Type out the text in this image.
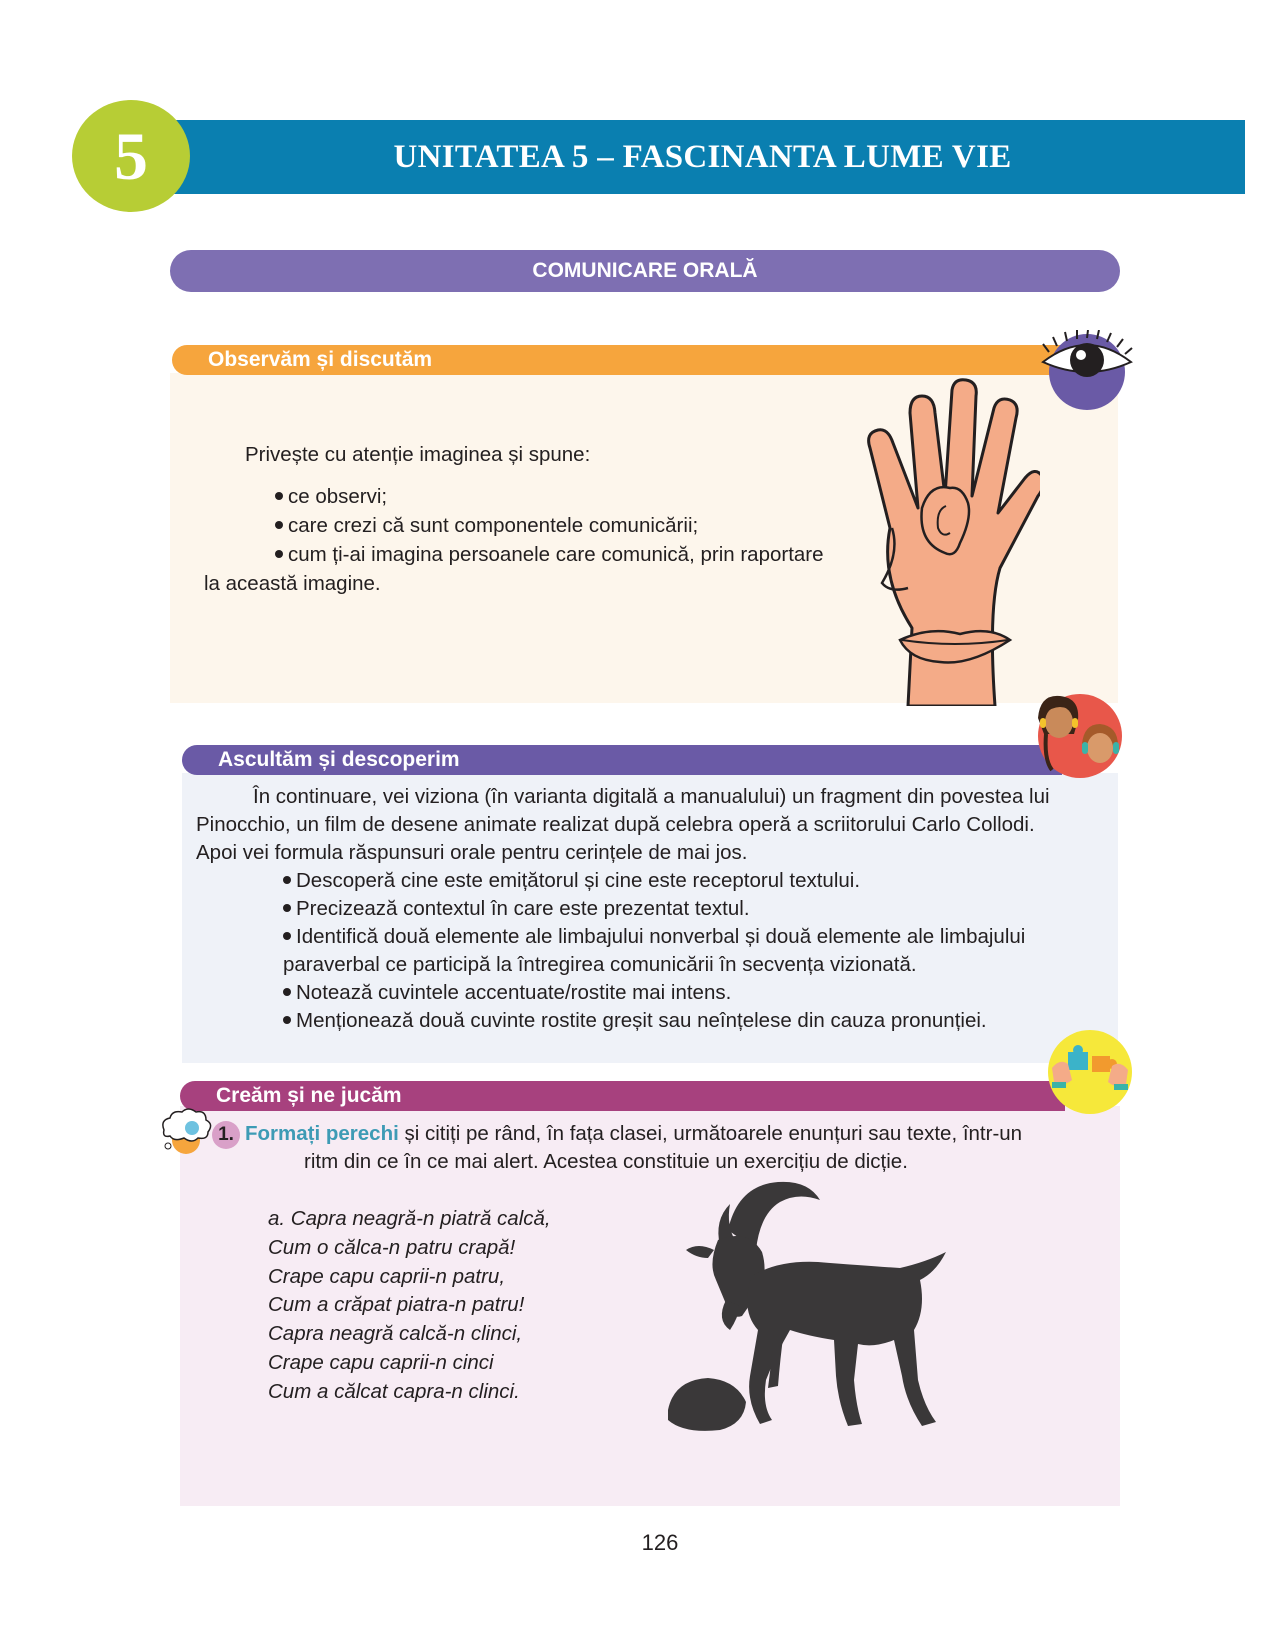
5	UNITATEA 5 – FASCINANTA LUME VIE
COMUNICARE ORALĂ
Observăm și discutăm
Privește cu atenție imaginea și spune:
ce observi;
care crezi că sunt componentele comunicării;
cum ți-ai imagina persoanele care comunică, prin raportare
la această imagine.
Ascultăm și descoperim
În continuare, vei viziona (în varianta digitală a manualului) un fragment din povestea lui
Pinocchio, un film de desene animate realizat după celebra operă a scriitorului Carlo Collodi.
Apoi vei formula răspunsuri orale pentru cerințele de mai jos.
Descoperă cine este emițătorul și cine este receptorul textului.
Precizează contextul în care este prezentat textul.
Identifică două elemente ale limbajului nonverbal și două elemente ale limbajului
paraverbal ce participă la întregirea comunicării în secvența vizionată.
Notează cuvintele accentuate/rostite mai intens.
Menționează două cuvinte rostite greșit sau neînțelese din cauza pronunției.
Creăm și ne jucăm
1. Formați perechi și citiți pe rând, în fața clasei, următoarele enunțuri sau texte, într-un
ritm din ce în ce mai alert. Acestea constituie un exercițiu de dicție.
a. Capra neagră-n piatră calcă,
Cum o călca-n patru crapă!
Crape capu caprii-n patru,
Cum a crăpat piatra-n patru!
Capra neagră calcă-n clinci,
Crape capu caprii-n cinci
Cum a călcat capra-n clinci.
126
